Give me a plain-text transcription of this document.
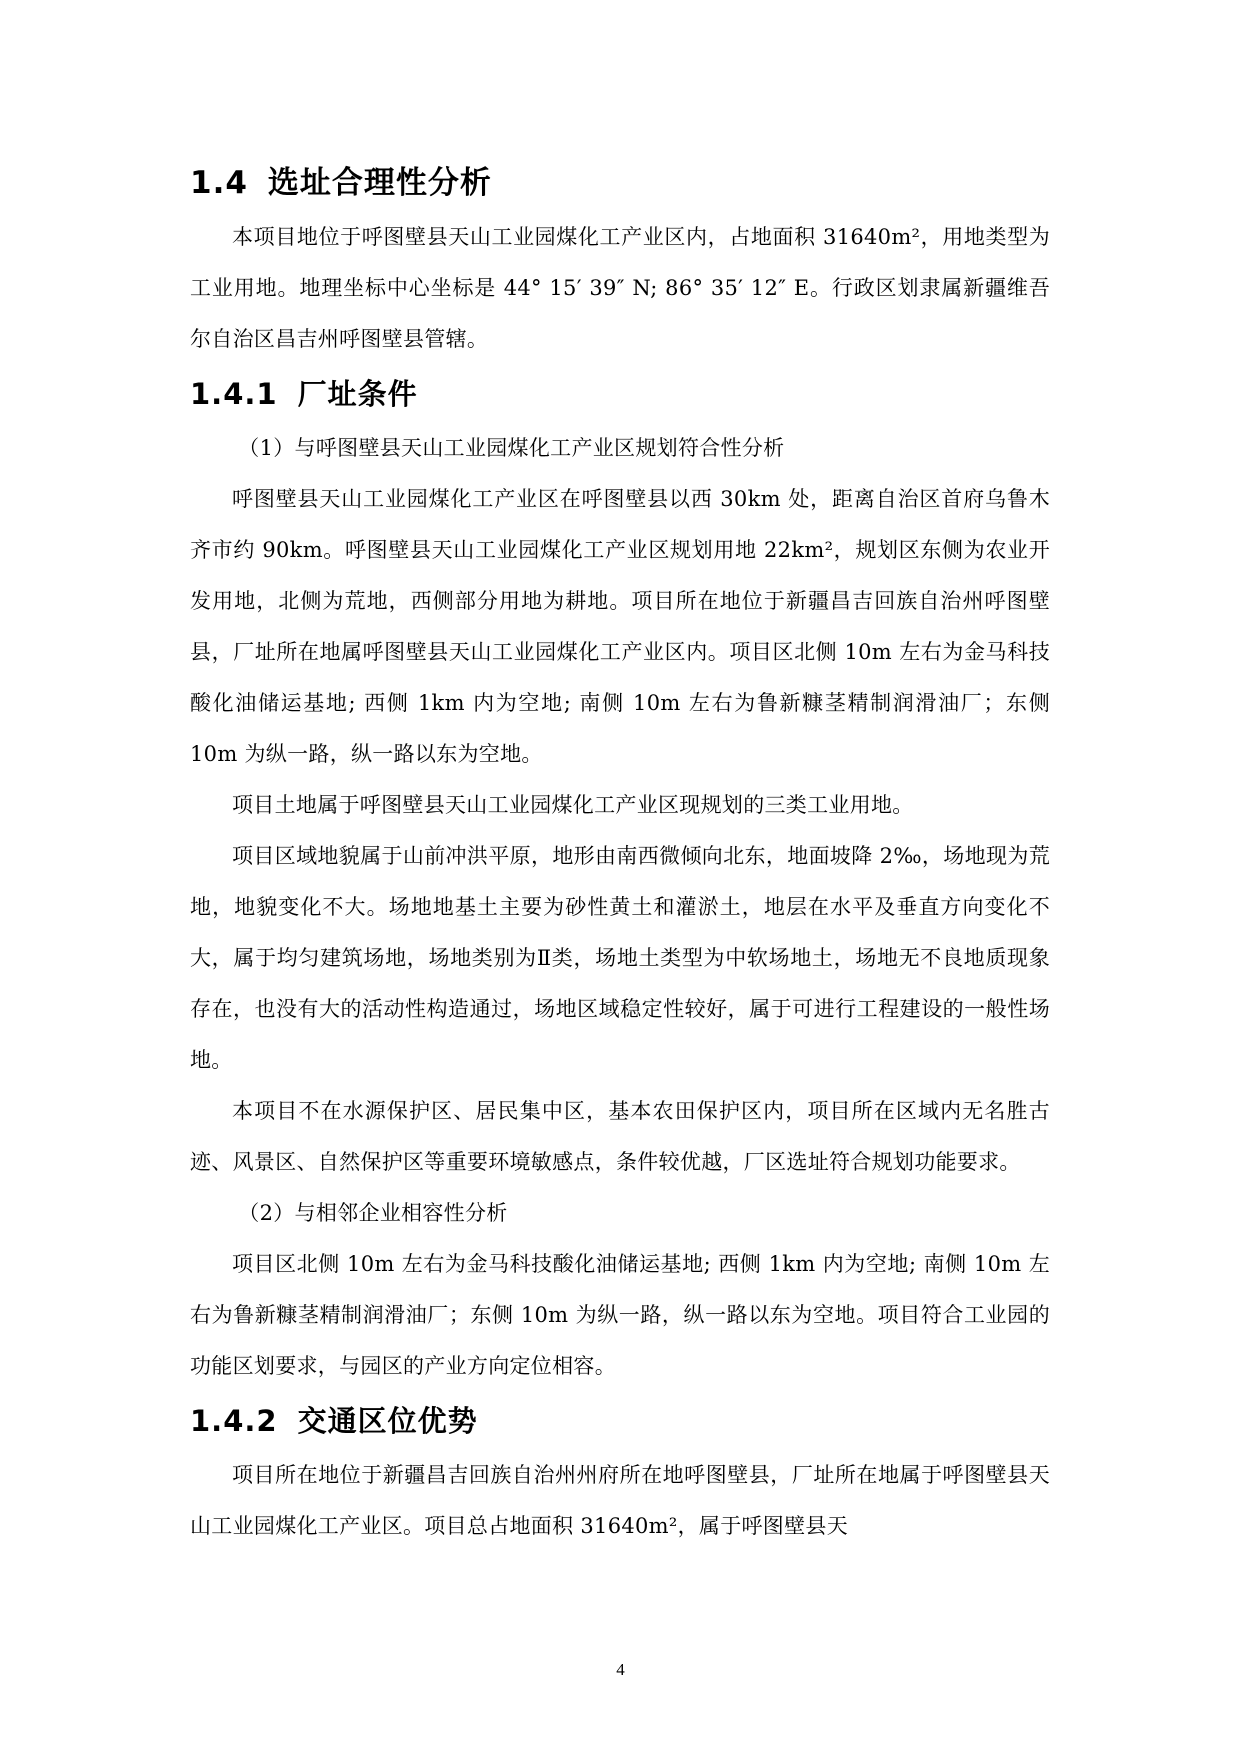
1.4 选址合理性分析

本项目地位于呼图壁县天山工业园煤化工产业区内，占地面积 31640m²，用地类型为工业用地。地理坐标中心坐标是 44° 15′ 39″ N; 86° 35′ 12″ E。行政区划隶属新疆维吾尔自治区昌吉州呼图壁县管辖。

1.4.1 厂址条件

（1）与呼图壁县天山工业园煤化工产业区规划符合性分析

呼图壁县天山工业园煤化工产业区在呼图壁县以西 30km 处，距离自治区首府乌鲁木齐市约 90km。呼图壁县天山工业园煤化工产业区规划用地 22km²，规划区东侧为农业开发用地，北侧为荒地，西侧部分用地为耕地。项目所在地位于新疆昌吉回族自治州呼图壁县，厂址所在地属呼图壁县天山工业园煤化工产业区内。项目区北侧 10m 左右为金马科技酸化油储运基地; 西侧 1km 内为空地; 南侧 10m 左右为鲁新糠茎精制润滑油厂；东侧 10m 为纵一路，纵一路以东为空地。

项目土地属于呼图壁县天山工业园煤化工产业区现规划的三类工业用地。

项目区域地貌属于山前冲洪平原，地形由南西微倾向北东，地面坡降 2‰，场地现为荒地，地貌变化不大。场地地基土主要为砂性黄土和灌淤土，地层在水平及垂直方向变化不大，属于均匀建筑场地，场地类别为Ⅱ类，场地土类型为中软场地土，场地无不良地质现象存在，也没有大的活动性构造通过，场地区域稳定性较好，属于可进行工程建设的一般性场地。

本项目不在水源保护区、居民集中区，基本农田保护区内，项目所在区域内无名胜古迹、风景区、自然保护区等重要环境敏感点，条件较优越，厂区选址符合规划功能要求。

（2）与相邻企业相容性分析

项目区北侧 10m 左右为金马科技酸化油储运基地; 西侧 1km 内为空地; 南侧 10m 左右为鲁新糠茎精制润滑油厂；东侧 10m 为纵一路，纵一路以东为空地。项目符合工业园的功能区划要求，与园区的产业方向定位相容。

1.4.2 交通区位优势

项目所在地位于新疆昌吉回族自治州州府所在地呼图壁县，厂址所在地属于呼图壁县天山工业园煤化工产业区。项目总占地面积 31640m²，属于呼图壁县天

4
